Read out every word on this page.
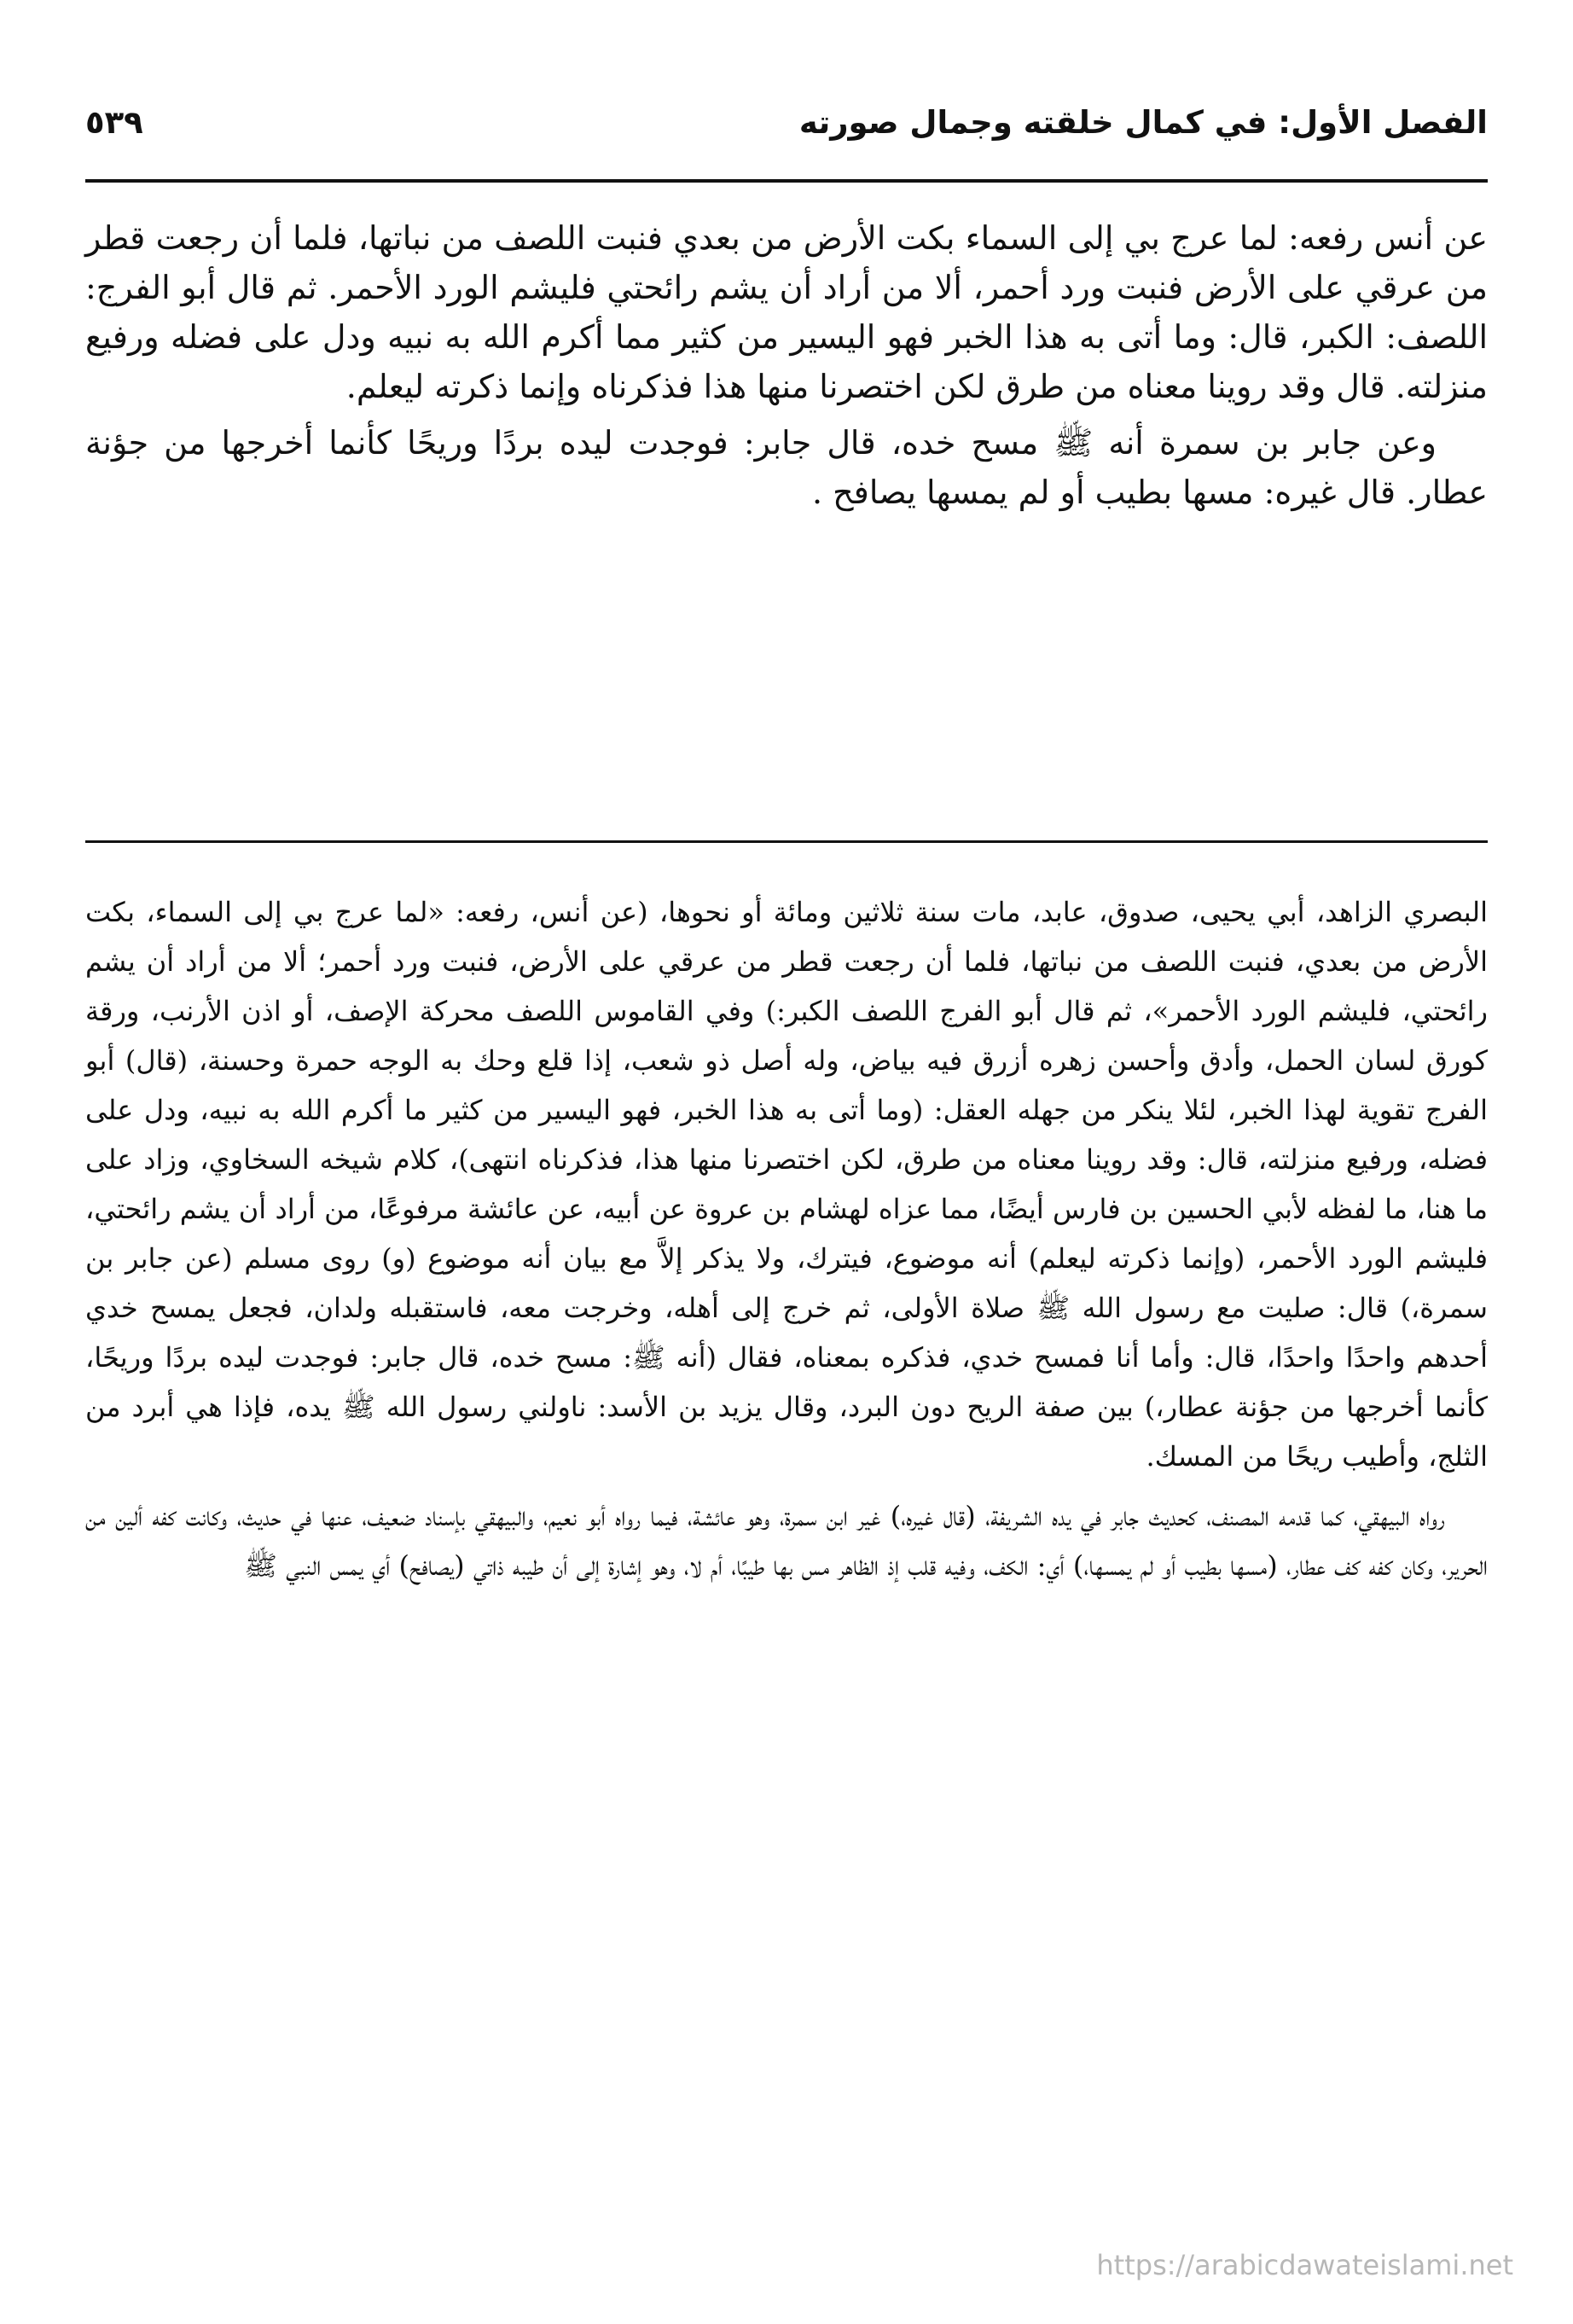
الفصل الأول: في كمال خلقته وجمال صورته
٥٣٩

عن أنس رفعه: لما عرج بي إلى السماء بكت الأرض من بعدي فنبت اللصف من نباتها، فلما أن رجعت قطر من عرقي على الأرض فنبت ورد أحمر، ألا من أراد أن يشم رائحتي فليشم الورد الأحمر. ثم قال أبو الفرج: اللصف: الكبر، قال: وما أتى به هذا الخبر فهو اليسير من كثير مما أكرم الله به نبيه ودل على فضله ورفيع منزلته. قال وقد روينا معناه من طرق لكن اختصرنا منها هذا فذكرناه وإنما ذكرته ليعلم.

وعن جابر بن سمرة أنه ﷺ مسح خده، قال جابر: فوجدت ليده بردًا وريحًا كأنما أخرجها من جؤنة عطار. قال غيره: مسها بطيب أو لم يمسها يصافح .

البصري الزاهد، أبي يحيى، صدوق، عابد، مات سنة ثلاثين ومائة أو نحوها، (عن أنس، رفعه: «لما عرج بي إلى السماء، بكت الأرض من بعدي، فنبت اللصف من نباتها، فلما أن رجعت قطر من عرقي على الأرض، فنبت ورد أحمر؛ ألا من أراد أن يشم رائحتي، فليشم الورد الأحمر»، ثم قال أبو الفرج اللصف الكبر:) وفي القاموس اللصف محركة الإصف، أو اذن الأرنب، ورقة كورق لسان الحمل، وأدق وأحسن زهره أزرق فيه بياض، وله أصل ذو شعب، إذا قلع وحك به الوجه حمرة وحسنة، (قال) أبو الفرج تقوية لهذا الخبر، لئلا ينكر من جهله العقل: (وما أتى به هذا الخبر، فهو اليسير من كثير ما أكرم الله به نبيه، ودل على فضله، ورفيع منزلته، قال: وقد روينا معناه من طرق، لكن اختصرنا منها هذا، فذكرناه انتهى)، كلام شيخه السخاوي، وزاد على ما هنا، ما لفظه لأبي الحسين بن فارس أيضًا، مما عزاه لهشام بن عروة عن أبيه، عن عائشة مرفوعًا، من أراد أن يشم رائحتي، فليشم الورد الأحمر، (وإنما ذكرته ليعلم) أنه موضوع، فيترك، ولا يذكر إلاَّ مع بيان أنه موضوع (و) روى مسلم (عن جابر بن سمرة،) قال: صليت مع رسول الله ﷺ صلاة الأولى، ثم خرج إلى أهله، وخرجت معه، فاستقبله ولدان، فجعل يمسح خدي أحدهم واحدًا واحدًا، قال: وأما أنا فمسح خدي، فذكره بمعناه، فقال (أنه ﷺ: مسح خده، قال جابر: فوجدت ليده بردًا وريحًا، كأنما أخرجها من جؤنة عطار،) بين صفة الريح دون البرد، وقال يزيد بن الأسد: ناولني رسول الله ﷺ يده، فإذا هي أبرد من الثلج، وأطيب ريحًا من المسك.

رواه البيهقي، كما قدمه المصنف، كحديث جابر في يده الشريفة، (قال غيره،) غير ابن سمرة، وهو عائشة، فيما رواه أبو نعيم، والبيهقي بإسناد ضعيف، عنها في حديث، وكانت كفه ألين من الحرير، وكان كفه كف عطار، (مسها بطيب أو لم يمسها،) أي: الكف، وفيه قلب إذ الظاهر مس بها طيبًا، أم لا، وهو إشارة إلى أن طيبه ذاتي (يصافح) أي يمس النبي ﷺ

https://arabicdawateislami.net
